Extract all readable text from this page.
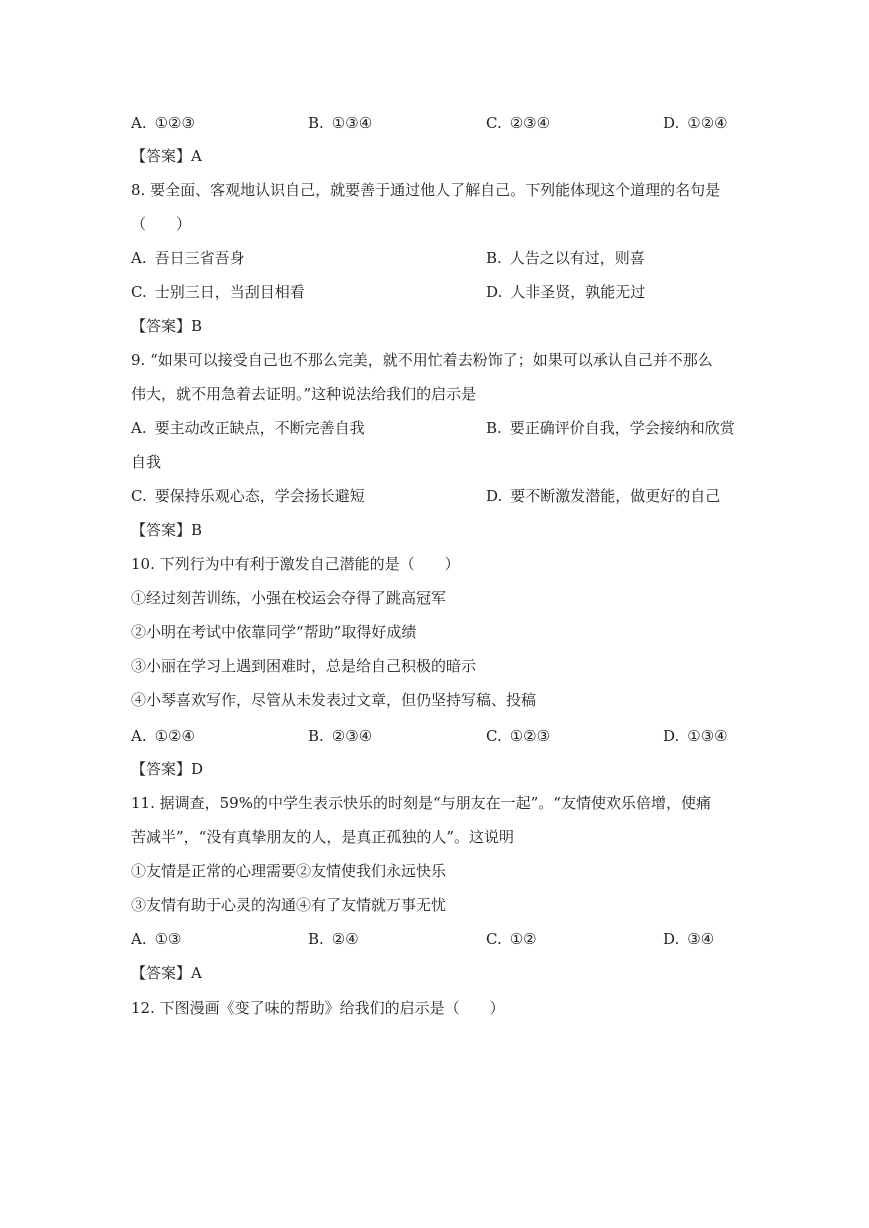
A. ①②③	B. ①③④	C. ②③④	D. ①②④
【答案】A
8. 要全面、客观地认识自己，就要善于通过他人了解自己。下列能体现这个道理的名句是
（　　）
A. 吾日三省吾身	B. 人告之以有过，则喜
C. 士别三日，当刮目相看	D. 人非圣贤，孰能无过
【答案】B
9. “如果可以接受自己也不那么完美，就不用忙着去粉饰了；如果可以承认自己并不那么
伟大，就不用急着去证明。”这种说法给我们的启示是
A. 要主动改正缺点，不断完善自我	B. 要正确评价自我，学会接纳和欣赏
自我
C. 要保持乐观心态，学会扬长避短	D. 要不断激发潜能，做更好的自己
【答案】B
10. 下列行为中有利于激发自己潜能的是（　　）
①经过刻苦训练，小强在校运会夺得了跳高冠军
②小明在考试中依靠同学“帮助”取得好成绩
③小丽在学习上遇到困难时，总是给自己积极的暗示
④小琴喜欢写作，尽管从未发表过文章，但仍坚持写稿、投稿
A. ①②④	B. ②③④	C. ①②③	D. ①③④
【答案】D
11. 据调查，59%的中学生表示快乐的时刻是“与朋友在一起”。“友情使欢乐倍增，使痛
苦减半”，“没有真挚朋友的人，是真正孤独的人”。这说明
①友情是正常的心理需要②友情使我们永远快乐
③友情有助于心灵的沟通④有了友情就万事无忧
A. ①③	B. ②④	C. ①②	D. ③④
【答案】A
12. 下图漫画《变了味的帮助》给我们的启示是（　　）
